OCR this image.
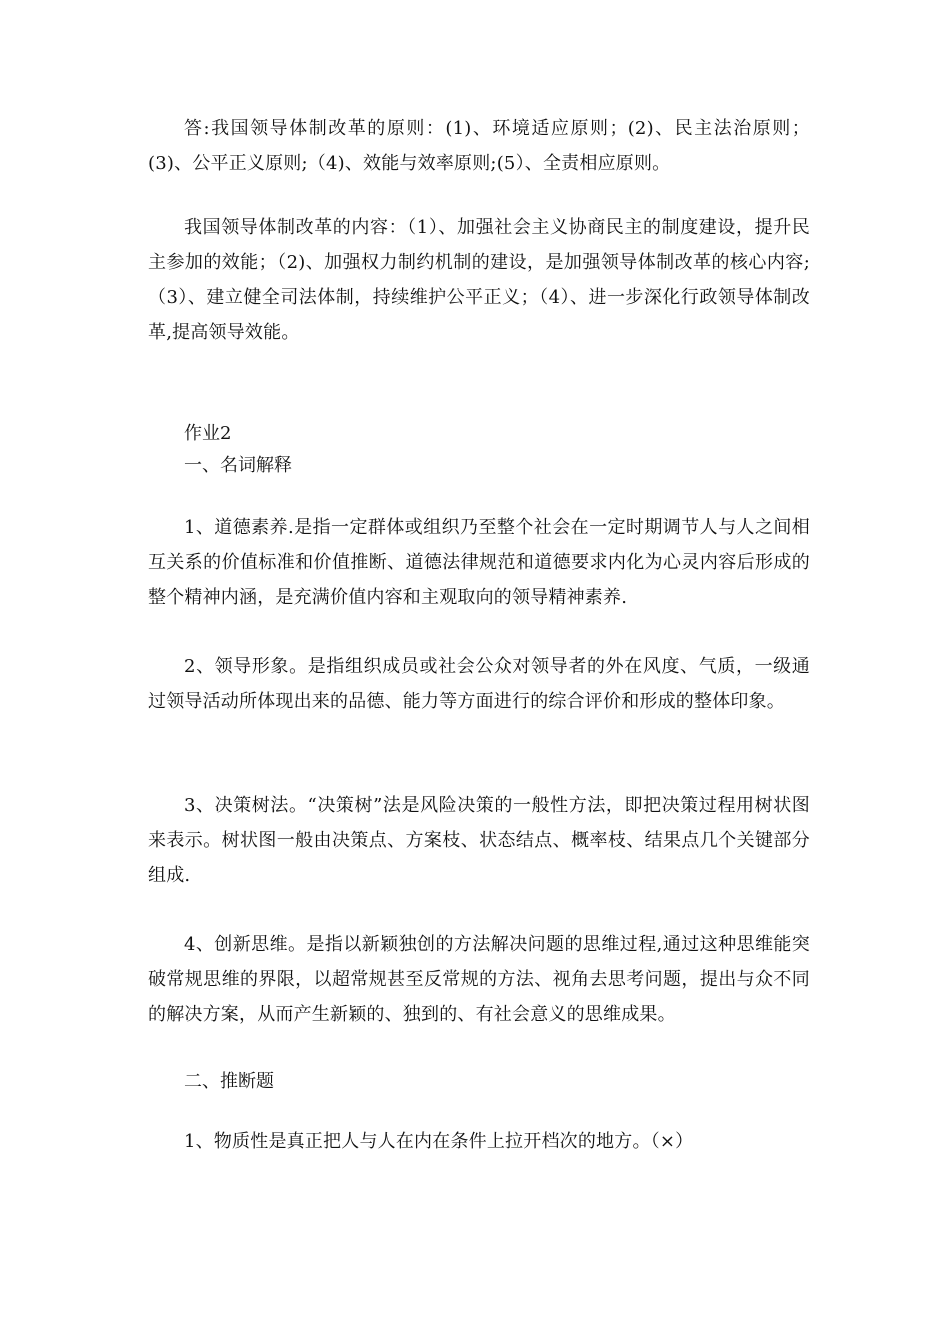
答:我国领导体制改革的原则：(1)、环境适应原则；(2)、民主法治原则；(3)、公平正义原则;（4)、效能与效率原则;(5）、全责相应原则。

我国领导体制改革的内容：（1）、加强社会主义协商民主的制度建设，提升民主参加的效能；（2)、加强权力制约机制的建设，是加强领导体制改革的核心内容;（3）、建立健全司法体制，持续维护公平正义；（4）、进一步深化行政领导体制改革,提高领导效能。

作业2

一、名词解释

1、道德素养.是指一定群体或组织乃至整个社会在一定时期调节人与人之间相互关系的价值标准和价值推断、道德法律规范和道德要求内化为心灵内容后形成的整个精神内涵，是充满价值内容和主观取向的领导精神素养.

2、领导形象。是指组织成员或社会公众对领导者的外在风度、气质，一级通过领导活动所体现出来的品德、能力等方面进行的综合评价和形成的整体印象。

3、决策树法。“决策树”法是风险决策的一般性方法，即把决策过程用树状图来表示。树状图一般由决策点、方案枝、状态结点、概率枝、结果点几个关键部分组成.

4、创新思维。是指以新颖独创的方法解决问题的思维过程,通过这种思维能突破常规思维的界限，以超常规甚至反常规的方法、视角去思考问题，提出与众不同的解决方案，从而产生新颖的、独到的、有社会意义的思维成果。

二、推断题

1、物质性是真正把人与人在内在条件上拉开档次的地方。（×）
